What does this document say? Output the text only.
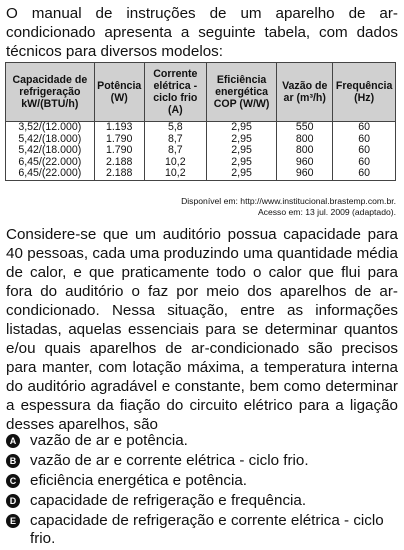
O manual de instruções de um aparelho de ar-condicionado apresenta a seguinte tabela, com dados técnicos para diversos modelos:

Capacidade de refrigeração kW/(BTU/h)	Potência (W)	Corrente elétrica - ciclo frio (A)	Eficiência energética COP (W/W)	Vazão de ar (m³/h)	Frequência (Hz)
3,52/(12.000)	1.193	5,8	2,95	550	60
5,42/(18.000)	1.790	8,7	2,95	800	60
5,42/(18.000)	1.790	8,7	2,95	800	60
6,45/(22.000)	2.188	10,2	2,95	960	60
6,45/(22.000)	2.188	10,2	2,95	960	60
Disponível em: http://www.institucional.brastemp.com.br.
Acesso em: 13 jul. 2009 (adaptado).

Considere-se que um auditório possua capacidade para 40 pessoas, cada uma produzindo uma quantidade média de calor, e que praticamente todo o calor que flui para fora do auditório o faz por meio dos aparelhos de ar-condicionado. Nessa situação, entre as informações listadas, aquelas essenciais para se determinar quantos e/ou quais aparelhos de ar-condicionado são precisos para manter, com lotação máxima, a temperatura interna do auditório agradável e constante, bem como determinar a espessura da fiação do circuito elétrico para a ligação desses aparelhos, são

A vazão de ar e potência.
B vazão de ar e corrente elétrica - ciclo frio.
C eficiência energética e potência.
D capacidade de refrigeração e frequência.
E capacidade de refrigeração e corrente elétrica - ciclo frio.
